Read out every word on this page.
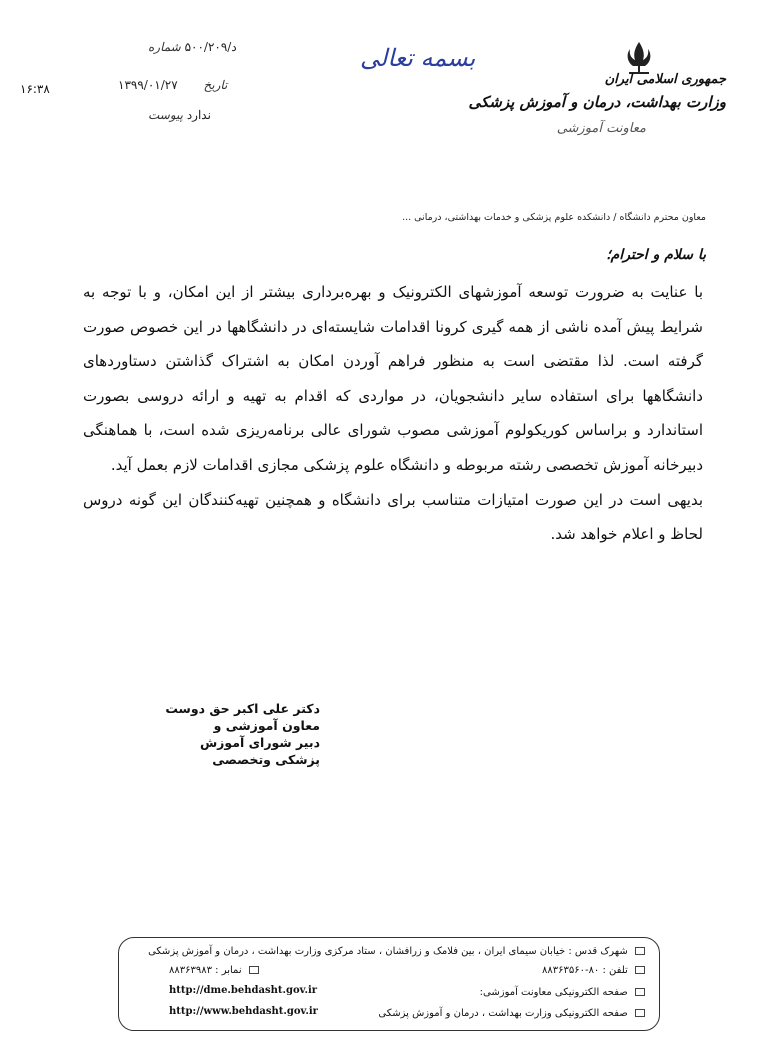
جمهوری اسلامی ایران
وزارت بهداشت، درمان و آموزش پزشکی
معاونت آموزشی
بسمه تعالی
د/۵۰۰/۲۰۹ شماره
۱۳۹۹/۰۱/۲۷ تاریخ
ندارد پیوست
۱۶:۳۸
معاون محترم دانشگاه / دانشکده علوم پزشکی و خدمات بهداشتی، درمانی ...
با سلام و احترام؛

با عنایت به ضرورت توسعه آموزشهای الکترونیک و بهره‌برداری بیشتر از این امکان، و با توجه به شرایط پیش آمده ناشی از همه گیری کرونا اقدامات شایسته‌ای در دانشگاهها در این خصوص صورت گرفته است. لذا مقتضی است به منظور فراهم آوردن امکان به اشتراک گذاشتن دستاوردهای دانشگاهها برای استفاده سایر دانشجویان، در مواردی که اقدام به تهیه و ارائه دروسی بصورت استاندارد و براساس کوریکولوم آموزشی مصوب شورای عالی برنامه‌ریزی شده است، با هماهنگی دبیرخانه آموزش تخصصی رشته مربوطه و دانشگاه علوم پزشکی مجازی اقدامات لازم بعمل آید.

بدیهی است در این صورت امتیازات متناسب برای دانشگاه و همچنین تهیه‌کنندگان این گونه دروس لحاظ و اعلام خواهد شد.

دکتر علی اکبر حق دوست
معاون آموزشی و
دبیر شورای آموزش پزشکی وتخصصی
شهرک قدس : خیابان سیمای ایران ، بین فلامک و زرافشان ، ستاد مرکزی وزارت بهداشت ، درمان و آموزش پزشکی
تلفن : ۸۰-۸۸۳۶۳۵۶۰
نمابر : ۸۸۳۶۳۹۸۳
صفحه الکترونیکی معاونت آموزشی:
http://dme.behdasht.gov.ir
صفحه الکترونیکی وزارت بهداشت ، درمان و آموزش پزشکی
http://www.behdasht.gov.ir
